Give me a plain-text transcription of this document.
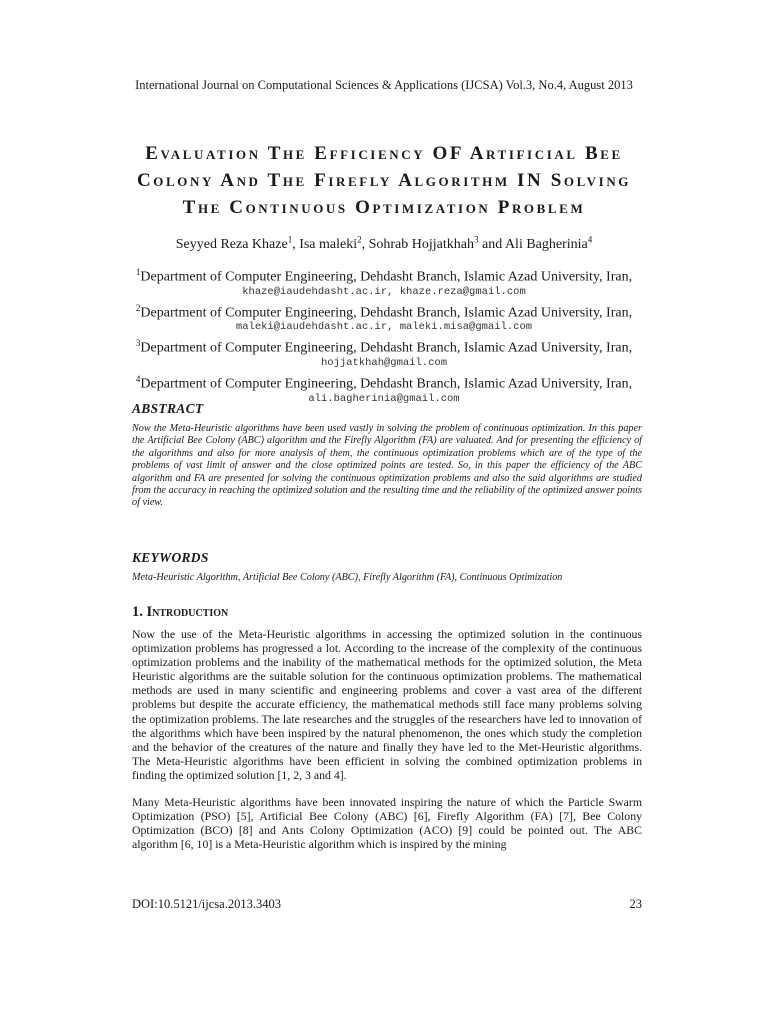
International Journal on Computational Sciences & Applications (IJCSA) Vol.3, No.4, August 2013
Evaluation The Efficiency OF Artificial Bee
Colony And The Firefly Algorithm IN Solving
The Continuous Optimization Problem
Seyyed Reza Khaze$^1$, Isa maleki$^2$, Sohrab Hojjatkhah$^3$ and Ali Bagherinia$^4$
$^1$Department of Computer Engineering, Dehdasht Branch, Islamic Azad University, Iran,
khaze@iaudehdasht.ac.ir, khaze.reza@gmail.com
$^2$Department of Computer Engineering, Dehdasht Branch, Islamic Azad University, Iran,
maleki@iaudehdasht.ac.ir, maleki.misa@gmail.com
$^3$Department of Computer Engineering, Dehdasht Branch, Islamic Azad University, Iran,
hojjatkhah@gmail.com
$^4$Department of Computer Engineering, Dehdasht Branch, Islamic Azad University, Iran,
ali.bagherinia@gmail.com
ABSTRACT
Now the Meta-Heuristic algorithms have been used vastly in solving the problem of continuous optimization. In this paper the Artificial Bee Colony (ABC) algorithm and the Firefly Algorithm (FA) are valuated. And for presenting the efficiency of the algorithms and also for more analysis of them, the continuous optimization problems which are of the type of the problems of vast limit of answer and the close optimized points are tested. So, in this paper the efficiency of the ABC algorithm and FA are presented for solving the continuous optimization problems and also the said algorithms are studied from the accuracy in reaching the optimized solution and the resulting time and the reliability of the optimized answer points of view.
KEYWORDS
Meta-Heuristic Algorithm, Artificial Bee Colony (ABC), Firefly Algorithm (FA), Continuous Optimization
1. Introduction
Now the use of the Meta-Heuristic algorithms in accessing the optimized solution in the continuous optimization problems has progressed a lot. According to the increase of the complexity of the continuous optimization problems and the inability of the mathematical methods for the optimized solution, the Meta Heuristic algorithms are the suitable solution for the continuous optimization problems. The mathematical methods are used in many scientific and engineering problems and cover a vast area of the different problems but despite the accurate efficiency, the mathematical methods still face many problems solving the optimization problems. The late researches and the struggles of the researchers have led to innovation of the algorithms which have been inspired by the natural phenomenon, the ones which study the completion and the behavior of the creatures of the nature and finally they have led to the Met-Heuristic algorithms. The Meta-Heuristic algorithms have been efficient in solving the combined optimization problems in finding the optimized solution [1, 2, 3 and 4].
Many Meta-Heuristic algorithms have been innovated inspiring the nature of which the Particle Swarm Optimization (PSO) [5], Artificial Bee Colony (ABC) [6], Firefly Algorithm (FA) [7], Bee Colony Optimization (BCO) [8] and Ants Colony Optimization (ACO) [9] could be pointed out. The ABC algorithm [6, 10] is a Meta-Heuristic algorithm which is inspired by the mining
DOI:10.5121/ijcsa.2013.3403	23
